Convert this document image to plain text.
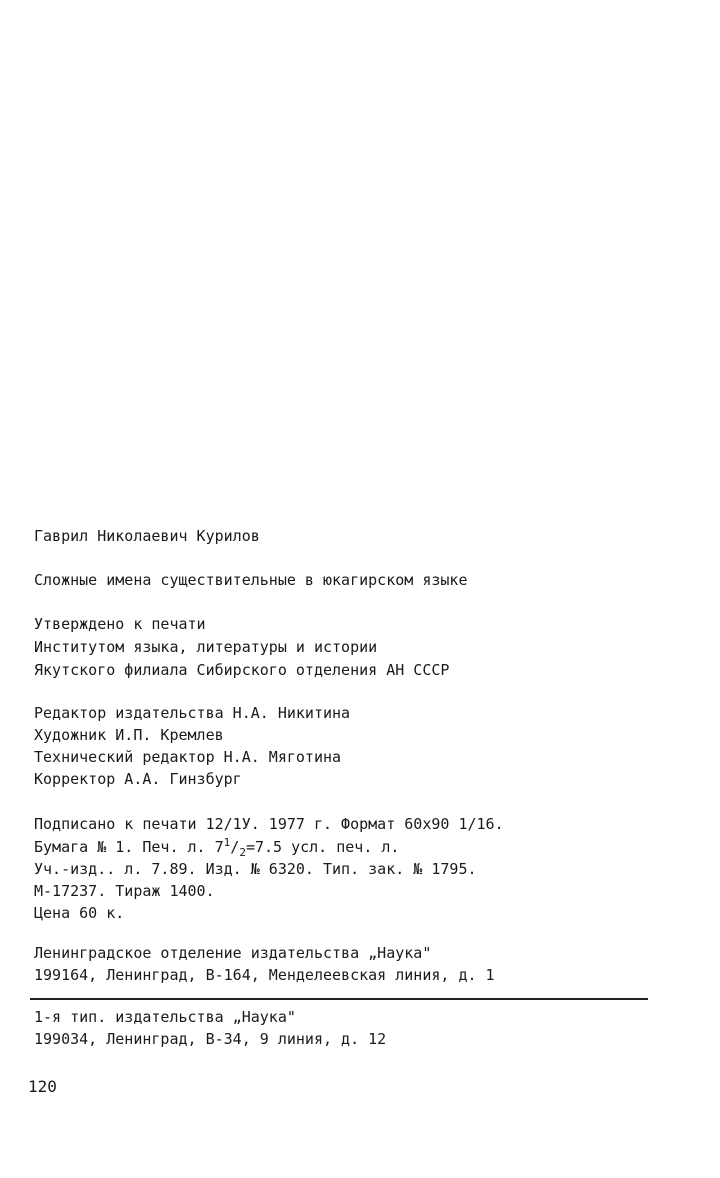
Гаврил Николаевич Курилов
Сложные имена существительные в юкагирском языке
Утверждено к печати
Институтом языка, литературы и истории
Якутского филиала Сибирского отделения АН СССР
Редактор издательства Н.А. Никитина
Художник И.П. Кремлев
Технический редактор Н.А. Мяготина
Корректор А.А. Гинзбург
Подписано к печати 12/1У. 1977 г. Формат 60х90 1/16.
Бумага № 1. Печ. л. $7^1/_2=7.5$ усл. печ. л.
Уч.-изд.. л. 7.89. Изд. № 6320. Тип. зак. № 1795.
М-17237. Тираж 1400.
Цена 60 к.
Ленинградское отделение издательства „Наука"
199164, Ленинград, В-164, Менделеевская линия, д. 1
1-я тип. издательства „Наука"
199034, Ленинград, В-34, 9 линия, д. 12
120
